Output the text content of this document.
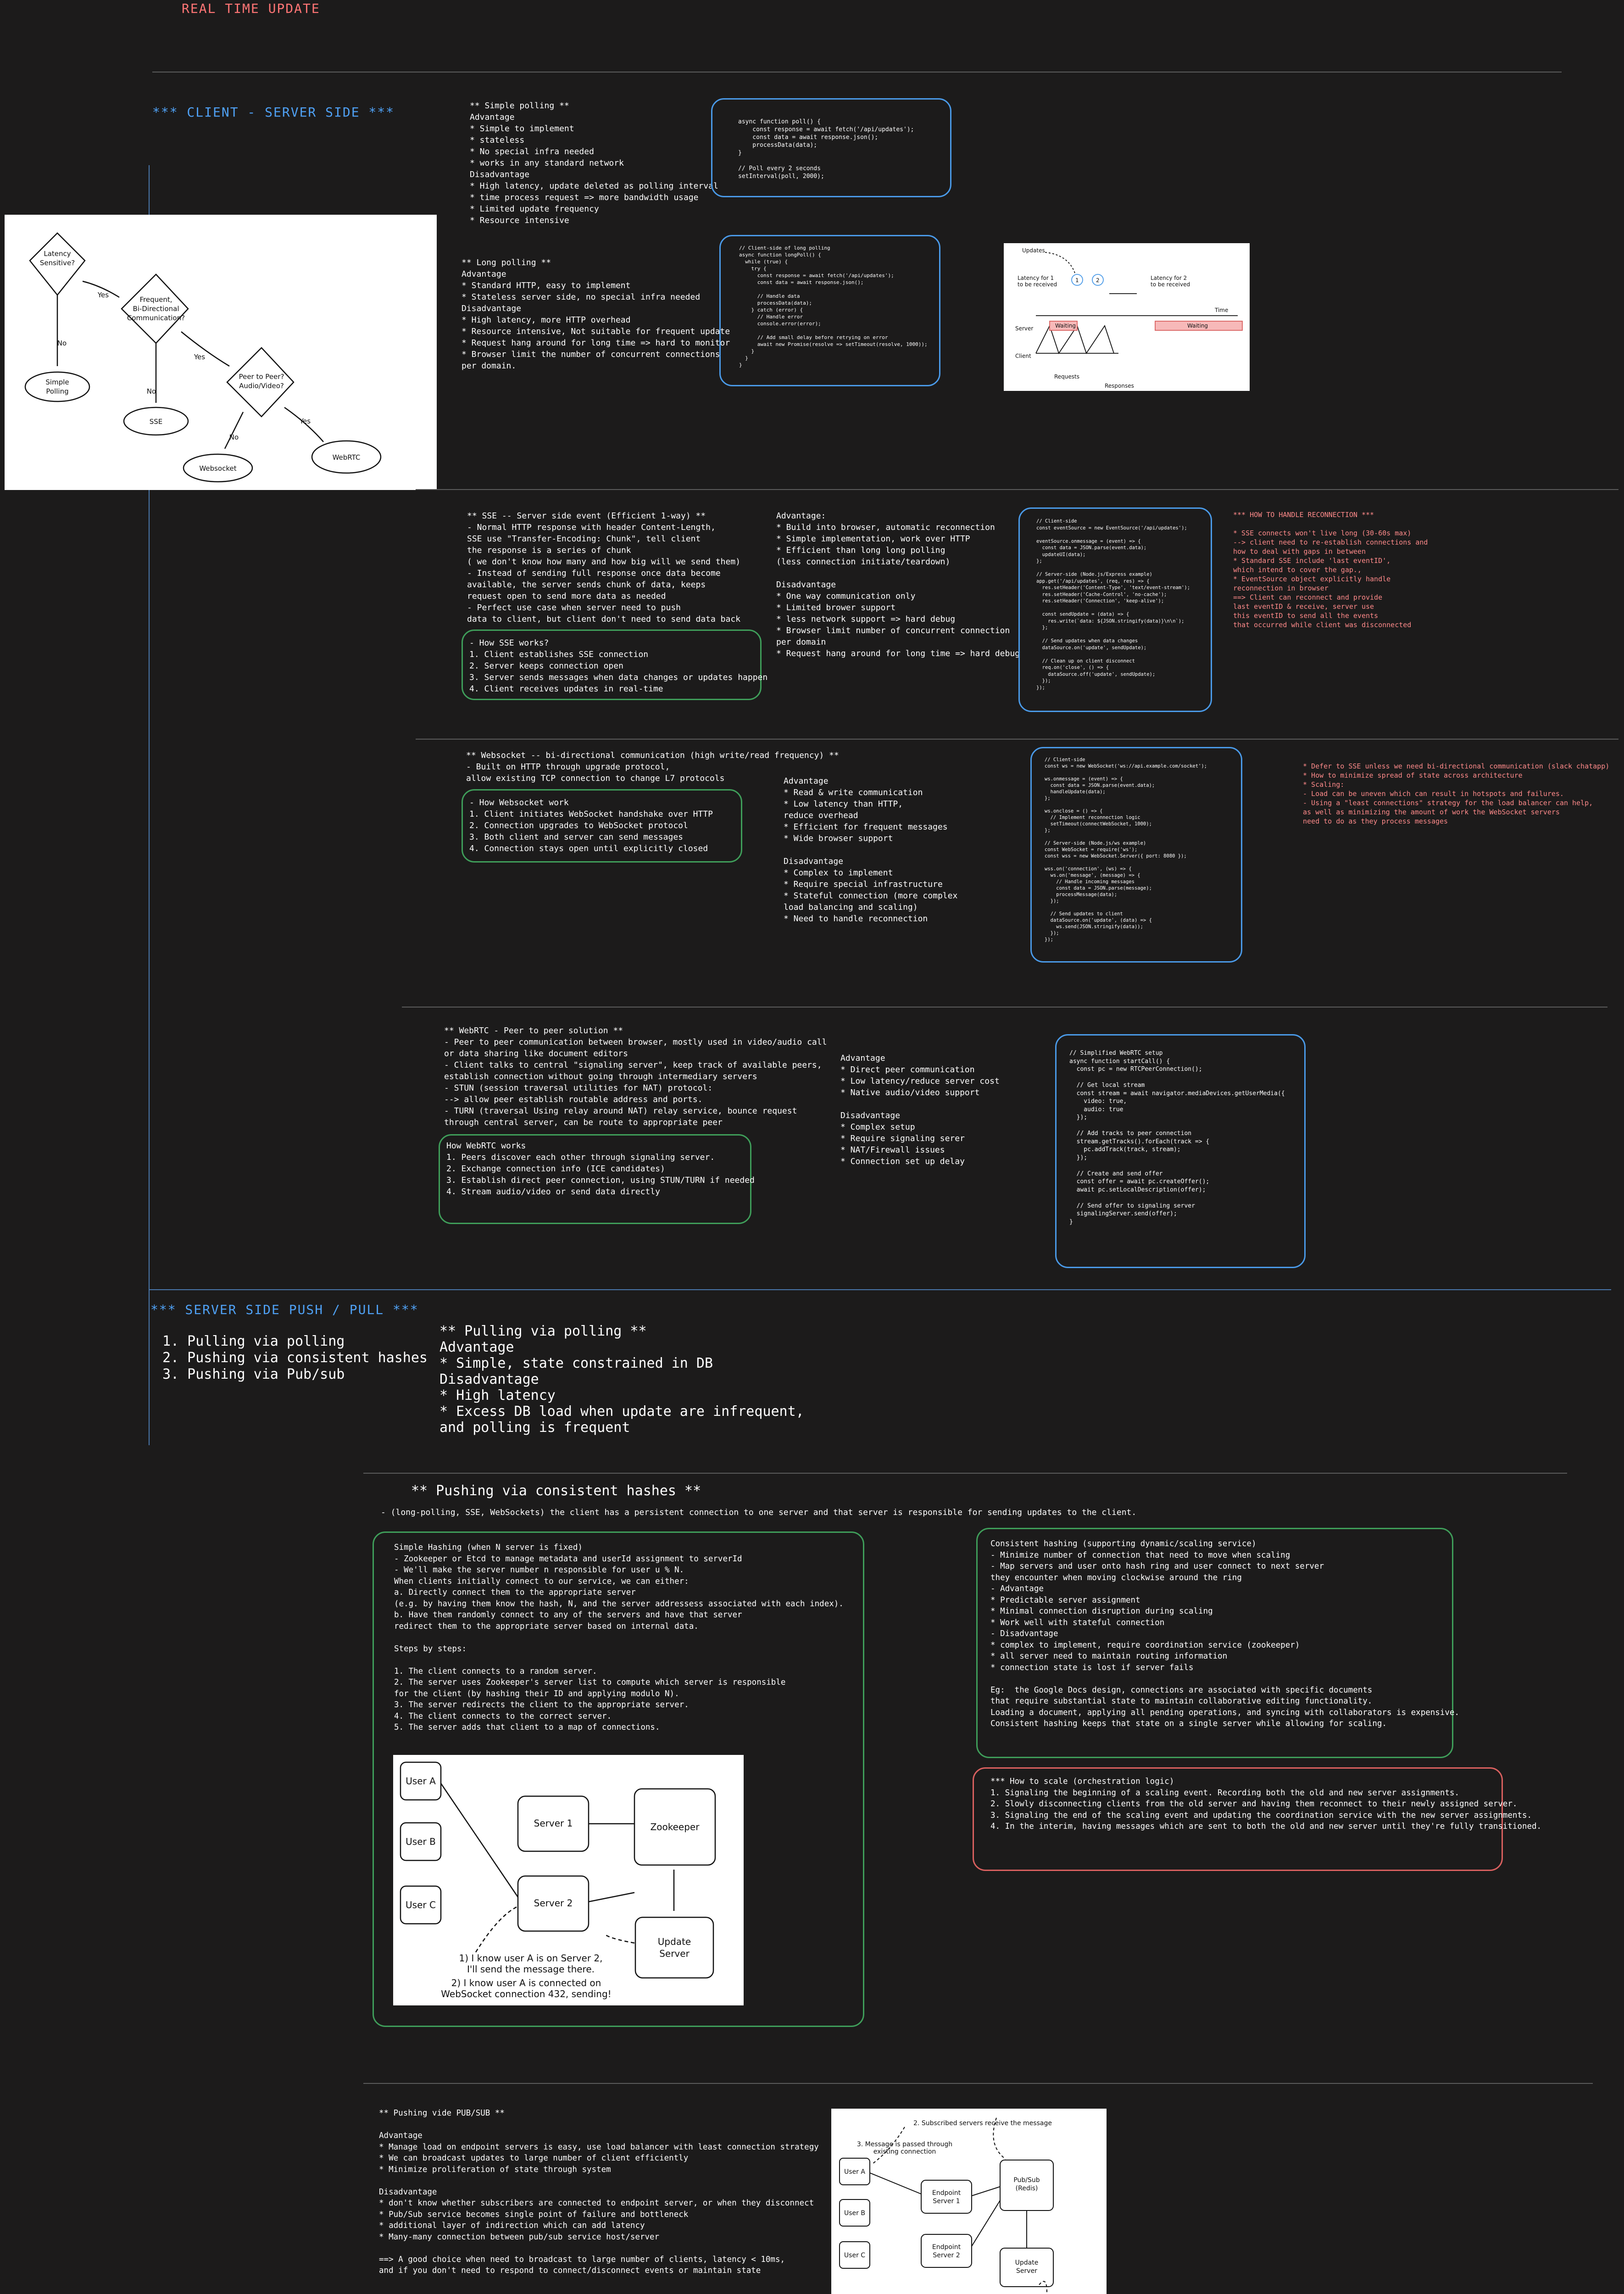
REAL TIME UPDATE
*** CLIENT - SERVER SIDE ***
Latency
Sensitive?
Frequent,
Bi-Directional
Communication?
Peer to Peer?
Audio/Video?
Simple
Polling
SSE
Websocket
WebRTC
Yes
No
No
Yes
No
Yes
** Simple polling **
Advantage
* Simple to implement
* stateless
* No special infra needed
* works in any standard network
Disadvantage
* High latency, update deleted as polling interval
* time process request => more bandwidth usage
* Limited update frequency
* Resource intensive
async function poll() {
const response = await fetch('/api/updates');
const data = await response.json();
processData(data);
}

// Poll every 2 seconds
setInterval(poll, 2000);
** Long polling **
Advantage
* Standard HTTP, easy to implement
* Stateless server side, no special infra needed
Disadvantage
* High latency, more HTTP overhead
* Resource intensive, Not suitable for frequent update
* Request hang around for long time => hard to monitor
* Browser limit the number of concurrent connections
per domain.
// Client-side of long polling
async function longPoll() {
while (true) {
try {
const response = await fetch('/api/updates');
const data = await response.json();

// Handle data
processData(data);
} catch (error) {
// Handle error
console.error(error);

// Add small delay before retrying on error
await new Promise(resolve => setTimeout(resolve, 1000));
}
}
}
Updates
Latency for 1
to be received
Latency for 2
to be received
Time
Server
Client
Waiting	Waiting
Requests
Responses
1	2
** SSE -- Server side event (Efficient 1-way) **
- Normal HTTP response with header Content-Length,
SSE use "Transfer-Encoding: Chunk", tell client
the response is a series of chunk
( we don't know how many and how big will we send them)
- Instead of sending full response once data become
available, the server sends chunk of data, keeps
request open to send more data as needed
- Perfect use case when server need to push
data to client, but client don't need to send data back
- How SSE works?
1. Client establishes SSE connection
2. Server keeps connection open
3. Server sends messages when data changes or updates happen
4. Client receives updates in real-time
Advantage:
* Build into browser, automatic reconnection
* Simple implementation, work over HTTP
* Efficient than long long polling
(less connection initiate/teardown)

Disadvantage
* One way communication only
* Limited brower support
* less network support => hard debug
* Browser limit number of concurrent connection
per domain
* Request hang around for long time => hard debug
// Client-side
const eventSource = new EventSource('/api/updates');

eventSource.onmessage = (event) => {
const data = JSON.parse(event.data);
updateUI(data);
};

// Server-side (Node.js/Express example)
app.get('/api/updates', (req, res) => {
res.setHeader('Content-Type', 'text/event-stream');
res.setHeader('Cache-Control', 'no-cache');
res.setHeader('Connection', 'keep-alive');

const sendUpdate = (data) => {
res.write(`data: ${JSON.stringify(data)}\n\n`);
};

// Send updates when data changes
dataSource.on('update', sendUpdate);

// Clean up on client disconnect
req.on('close', () => {
dataSource.off('update', sendUpdate);
});
});
*** HOW TO HANDLE RECONNECTION ***

* SSE connects won't live long (30-60s max)
--> client need to re-establish connections and
how to deal with gaps in between
* Standard SSE include 'last eventID',
which intend to cover the gap.,
* EventSource object explicitly handle
reconnection in browser
==> Client can reconnect and provide
last eventID & receive, server use
this eventID to send all the events
that occurred while client was disconnected
** Websocket -- bi-directional communication (high write/read frequency) **
- Built on HTTP through upgrade protocol,
allow existing TCP connection to change L7 protocols
- How Websocket work
1. Client initiates WebSocket handshake over HTTP
2. Connection upgrades to WebSocket protocol
3. Both client and server can send messages
4. Connection stays open until explicitly closed
Advantage
* Read & write communication
* Low latency than HTTP,
reduce overhead
* Efficient for frequent messages
* Wide browser support

Disadvantage
* Complex to implement
* Require special infrastructure
* Stateful connection (more complex
load balancing and scaling)
* Need to handle reconnection
// Client-side
const ws = new WebSocket('ws://api.example.com/socket');

ws.onmessage = (event) => {
const data = JSON.parse(event.data);
handleUpdate(data);
};

ws.onclose = () => {
// Implement reconnection logic
setTimeout(connectWebSocket, 1000);
};

// Server-side (Node.js/ws example)
const WebSocket = require('ws');
const wss = new WebSocket.Server({ port: 8080 });

wss.on('connection', (ws) => {
ws.on('message', (message) => {
// Handle incoming messages
const data = JSON.parse(message);
processMessage(data);
});

// Send updates to client
dataSource.on('update', (data) => {
ws.send(JSON.stringify(data));
});
});
* Defer to SSE unless we need bi-directional communication (slack chatapp)
* How to minimize spread of state across architecture
* Scaling:
- Load can be uneven which can result in hotspots and failures.
- Using a "least connections" strategy for the load balancer can help,
as well as minimizing the amount of work the WebSocket servers
need to do as they process messages
** WebRTC - Peer to peer solution **
- Peer to peer communication between browser, mostly used in video/audio call
or data sharing like document editors
- Client talks to central "signaling server", keep track of available peers,
establish connection without going through intermediary servers
- STUN (session traversal utilities for NAT) protocol:
--> allow peer establish routable address and ports.
- TURN (traversal Using relay around NAT) relay service, bounce request
through central server, can be route to appropriate peer
How WebRTC works
1. Peers discover each other through signaling server.
2. Exchange connection info (ICE candidates)
3. Establish direct peer connection, using STUN/TURN if needed
4. Stream audio/video or send data directly
Advantage
* Direct peer communication
* Low latency/reduce server cost
* Native audio/video support

Disadvantage
* Complex setup
* Require signaling serer
* NAT/Firewall issues
* Connection set up delay
// Simplified WebRTC setup
async function startCall() {
const pc = new RTCPeerConnection();

// Get local stream
const stream = await navigator.mediaDevices.getUserMedia({
video: true,
audio: true
});

// Add tracks to peer connection
stream.getTracks().forEach(track => {
pc.addTrack(track, stream);
});

// Create and send offer
const offer = await pc.createOffer();
await pc.setLocalDescription(offer);

// Send offer to signaling server
signalingServer.send(offer);
}
*** SERVER SIDE PUSH / PULL ***
1. Pulling via polling
2. Pushing via consistent hashes
3. Pushing via Pub/sub
** Pulling via polling **
Advantage
* Simple, state constrained in DB
Disadvantage
* High latency
* Excess DB load when update are infrequent,
and polling is frequent
** Pushing via consistent hashes **
- (long-polling, SSE, WebSockets) the client has a persistent connection to one server and that server is responsible for sending updates to the client.
Simple Hashing (when N server is fixed)
- Zookeeper or Etcd to manage metadata and userId assignment to serverId
- We'll make the server number n responsible for user u % N.
When clients initially connect to our service, we can either:
a. Directly connect them to the appropriate server
(e.g. by having them know the hash, N, and the server addressess associated with each index).
b. Have them randomly connect to any of the servers and have that server
redirect them to the appropriate server based on internal data.

Steps by steps:

1. The client connects to a random server.
2. The server uses Zookeeper's server list to compute which server is responsible
for the client (by hashing their ID and applying modulo N).
3. The server redirects the client to the appropriate server.
4. The client connects to the correct server.
5. The server adds that client to a map of connections.
User A
User B
User C
Server 1
Server 2
Zookeeper
Update
Server
1) I know user A is on Server 2,
I'll send the message there.
2) I know user A is connected on
WebSocket connection 432, sending!
Consistent hashing (supporting dynamic/scaling service)
- Minimize number of connection that need to move when scaling
- Map servers and user onto hash ring and user connect to next server
they encounter when moving clockwise around the ring
- Advantage
* Predictable server assignment
* Minimal connection disruption during scaling
* Work well with stateful connection
- Disadvantage
* complex to implement, require coordination service (zookeeper)
* all server need to maintain routing information
* connection state is lost if server fails

Eg:  the Google Docs design, connections are associated with specific documents
that require substantial state to maintain collaborative editing functionality.
Loading a document, applying all pending operations, and syncing with collaborators is expensive.
Consistent hashing keeps that state on a single server while allowing for scaling.
*** How to scale (orchestration logic)
1. Signaling the beginning of a scaling event. Recording both the old and new server assignments.
2. Slowly disconnecting clients from the old server and having them reconnect to their newly assigned server.
3. Signaling the end of the scaling event and updating the coordination service with the new server assignments.
4. In the interim, having messages which are sent to both the old and new server until they're fully transitioned.
** Pushing vide PUB/SUB **

Advantage
* Manage load on endpoint servers is easy, use load balancer with least connection strategy
* We can broadcast updates to large number of client efficiently
* Minimize proliferation of state through system

Disadvantage
* don't know whether subscribers are connected to endpoint server, or when they disconnect
* Pub/Sub service becomes single point of failure and bottleneck
* additional layer of indirection which can add latency
* Many-many connection between pub/sub service host/server

==> A good choice when need to broadcast to large number of clients, latency < 10ms,
and if you don't need to respond to connect/disconnect events or maintain state
2. Subscribed servers receive the message
3. Message is passed through
existing connection
User A
User B
User C
Endpoint
Server 1
Endpoint
Server 2
Pub/Sub
(Redis)
Update
Server
